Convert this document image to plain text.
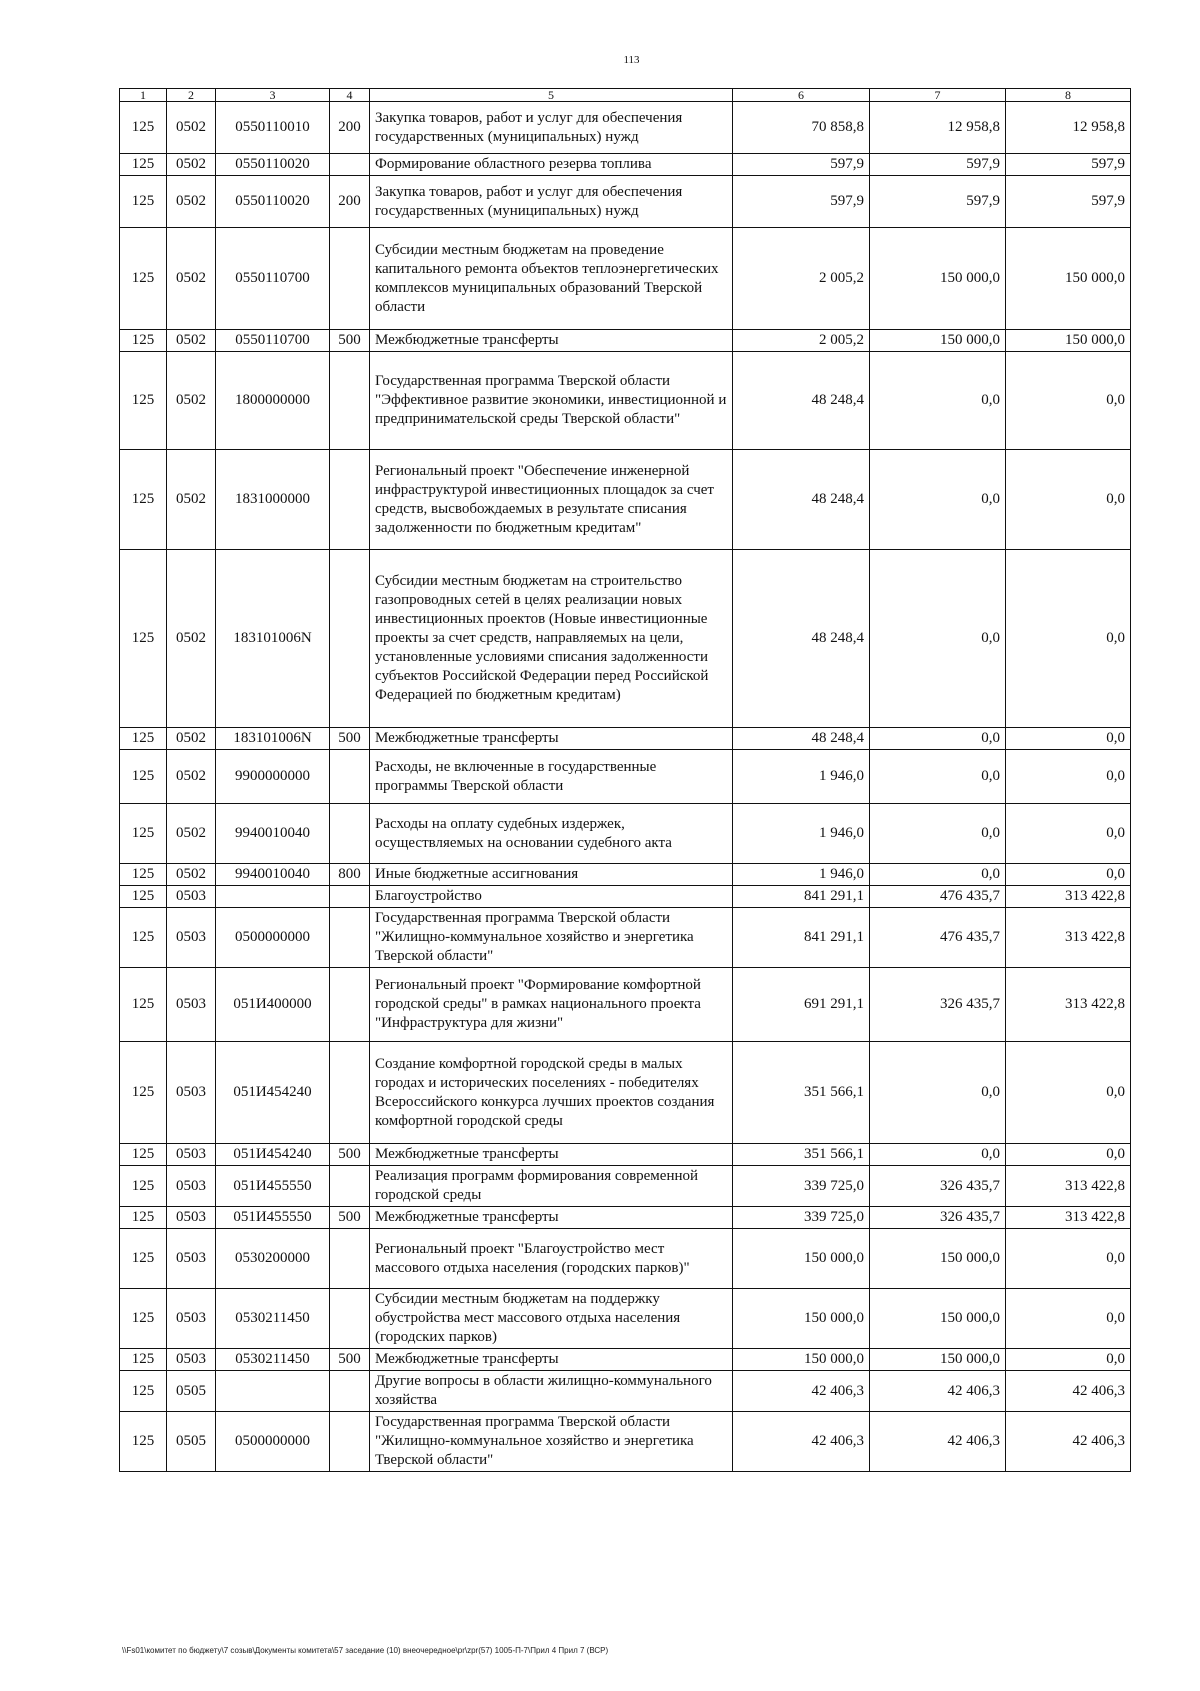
113
1	2	3	4	5	6	7	8
125	0502	0550110010	200	Закупка товаров, работ и услуг для обеспечения государственных (муниципальных) нужд	70 858,8	12 958,8	12 958,8
125	0502	0550110020		Формирование областного резерва топлива	597,9	597,9	597,9
125	0502	0550110020	200	Закупка товаров, работ и услуг для обеспечения государственных (муниципальных) нужд	597,9	597,9	597,9
125	0502	0550110700		Субсидии местным бюджетам на проведение капитального ремонта объектов теплоэнергетических комплексов муниципальных образований Тверской области	2 005,2	150 000,0	150 000,0
125	0502	0550110700	500	Межбюджетные трансферты	2 005,2	150 000,0	150 000,0
125	0502	1800000000		Государственная программа Тверской области "Эффективное развитие экономики, инвестиционной и предпринимательской среды Тверской области"	48 248,4	0,0	0,0
125	0502	1831000000		Региональный проект "Обеспечение инженерной инфраструктурой инвестиционных площадок за счет средств, высвобождаемых в результате списания задолженности по бюджетным кредитам"	48 248,4	0,0	0,0
125	0502	183101006N		Субсидии местным бюджетам на строительство газопроводных сетей в целях реализации новых инвестиционных проектов (Новые инвестиционные проекты за счет средств, направляемых на цели, установленные условиями списания задолженности субъектов Российской Федерации перед Российской Федерацией по бюджетным кредитам)	48 248,4	0,0	0,0
125	0502	183101006N	500	Межбюджетные трансферты	48 248,4	0,0	0,0
125	0502	9900000000		Расходы, не включенные в государственные программы Тверской области	1 946,0	0,0	0,0
125	0502	9940010040		Расходы на оплату судебных издержек, осуществляемых на основании судебного акта	1 946,0	0,0	0,0
125	0502	9940010040	800	Иные бюджетные ассигнования	1 946,0	0,0	0,0
125	0503			Благоустройство	841 291,1	476 435,7	313 422,8
125	0503	0500000000		Государственная программа Тверской области "Жилищно-коммунальное хозяйство и энергетика Тверской области"	841 291,1	476 435,7	313 422,8
125	0503	051И400000		Региональный проект "Формирование комфортной городской среды" в рамках национального проекта "Инфраструктура для жизни"	691 291,1	326 435,7	313 422,8
125	0503	051И454240		Создание комфортной городской среды в малых городах и исторических поселениях - победителях Всероссийского конкурса лучших проектов создания комфортной городской среды	351 566,1	0,0	0,0
125	0503	051И454240	500	Межбюджетные трансферты	351 566,1	0,0	0,0
125	0503	051И455550		Реализация программ формирования современной городской среды	339 725,0	326 435,7	313 422,8
125	0503	051И455550	500	Межбюджетные трансферты	339 725,0	326 435,7	313 422,8
125	0503	0530200000		Региональный проект "Благоустройство мест массового отдыха населения (городских парков)"	150 000,0	150 000,0	0,0
125	0503	0530211450		Субсидии местным бюджетам на поддержку обустройства мест массового отдыха населения (городских парков)	150 000,0	150 000,0	0,0
125	0503	0530211450	500	Межбюджетные трансферты	150 000,0	150 000,0	0,0
125	0505			Другие вопросы в области жилищно-коммунального хозяйства	42 406,3	42 406,3	42 406,3
125	0505	0500000000		Государственная программа Тверской области "Жилищно-коммунальное хозяйство и энергетика Тверской области"	42 406,3	42 406,3	42 406,3
\\Fs01\комитет по бюджету\7 созыв\Документы комитета\57 заседание (10) внеочередное\pr\zpr(57) 1005-П-7\Прил 4 Прил 7 (ВСР)
